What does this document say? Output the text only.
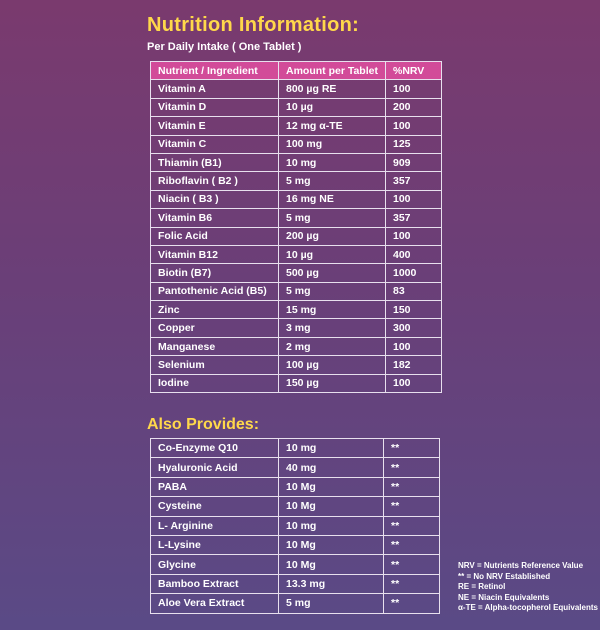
Nutrition Information:
Per Daily Intake ( One Tablet )
Nutrient / Ingredient	Amount per Tablet	%NRV
Vitamin A	800 µg RE	100
Vitamin D	10 µg	200
Vitamin E	12 mg α-TE	100
Vitamin C	100 mg	125
Thiamin (B1)	10 mg	909
Riboflavin ( B2 )	5 mg	357
Niacin ( B3 )	16 mg NE	100
Vitamin B6	5 mg	357
Folic Acid	200 µg	100
Vitamin B12	10 µg	400
Biotin (B7)	500 µg	1000
Pantothenic Acid (B5)	5 mg	83
Zinc	15 mg	150
Copper	3 mg	300
Manganese	2 mg	100
Selenium	100 µg	182
Iodine	150 µg	100
Also Provides:
Co-Enzyme Q10	10 mg	**
Hyaluronic Acid	40 mg	**
PABA	10 Mg	**
Cysteine	10 Mg	**
L- Arginine	10 mg	**
L-Lysine	10 Mg	**
Glycine	10 Mg	**
Bamboo Extract	13.3 mg	**
Aloe Vera Extract	5 mg	**
NRV = Nutrients Reference Value
** = No NRV Established
RE = Retinol
NE = Niacin Equivalents
α-TE = Alpha-tocopherol Equivalents
